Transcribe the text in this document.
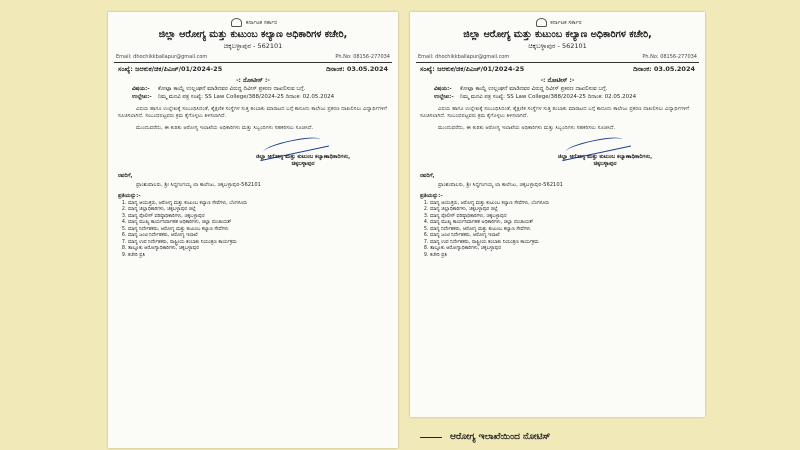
ಕರ್ನಾಟಕ ಸರ್ಕಾರ
ಜಿಲ್ಲಾ ಆರೋಗ್ಯ ಮತ್ತು ಕುಟುಂಬ ಕಲ್ಯಾಣ ಅಧಿಕಾರಿಗಳ ಕಚೇರಿ,
ಚಿಕ್ಕಬಳ್ಳಾಪುರ - 562101
Email: dhochikkballapur@gmail.com	Ph.No: 08156-277034
ಸಂಖ್ಯೆ: ಜಆಕುಕ/ಚಿಕ/ಪಿಎಚ್‌/01/2024-25	ದಿನಾಂಕ: 03.05.2024
-: ನೋಟೀಸ್ :-
ವಿಷಯ:-	ಕೋಟ್ಪಾ ಕಾಯ್ದೆ ಉಲ್ಲಂಘನೆ ಮಾಡಿದವರ ವಿರುದ್ಧ ದಿವೀಸ್ ಪ್ರಕರಣ ದಾಖಲಿಸುವ ಬಗ್ಗೆ.
ಉಲ್ಲೇಖ:-	ನಿಮ್ಮ ಮನವಿ ಪತ್ರ ಸಂಖ್ಯೆ: SS Law College/388/2024-25 ದಿನಾಂಕ: 02.05.2024
ವಿಷಯ ಹಾಗೂ ಉಲ್ಲೇಖಕ್ಕೆ ಸಂಬಂಧಿಸಿದಂತೆ, ಶೈಕ್ಷಣಿಕ ಸಂಸ್ಥೆಗಳ ಸುತ್ತ ತಂಬಾಕು ಮಾರಾಟದ ಬಗ್ಗೆ ಕಾನೂನು ಕಾಲೇಜು ಪ್ರಕರಣ ದಾಖಲಿಸಲು ವಿದ್ಯಾರ್ಥಿಗಳಿಗೆ ಸೂಚಿಸಲಾಗಿದೆ. ಸಂಬಂಧಪಟ್ಟವರು ಕ್ರಮ ಕೈಗೊಳ್ಳಲು ತಿಳಿಸಲಾಗಿದೆ.
ಮುಂದುವರೆದು, ಈ ಕುರಿತು ಆರೋಗ್ಯ ಇಲಾಖೆಯ ಅಧಿಕಾರಿಗಳು ಮತ್ತು ಸಿಬ್ಬಂದಿಗಳು ಸಹಕರಿಸಲು ಸೂಚಿಸಿದೆ.
ಜಿಲ್ಲಾ ಆರೋಗ್ಯ ಮತ್ತು ಕುಟುಂಬ ಕಲ್ಯಾಣಾಧಿಕಾರಿಗಳು, ಚಿಕ್ಕಬಳ್ಳಾಪುರ
ರವರಿಗೆ,
ಪ್ರಾಂಶುಪಾಲರು, ಶ್ರೀ ಸಿದ್ದಗಂಗಯ್ಯ ಲಾ ಕಾಲೇಜು, ಚಿಕ್ಕಬಳ್ಳಾಪುರ-562101
ಪ್ರತಿಯನ್ನು:-
1. ಮಾನ್ಯ ಆಯುಕ್ತರು, ಆರೋಗ್ಯ ಮತ್ತು ಕುಟುಂಬ ಕಲ್ಯಾಣ ಸೇವೆಗಳು, ಬೆಂಗಳೂರು
2. ಮಾನ್ಯ ಜಿಲ್ಲಾಧಿಕಾರಿಗಳು, ಚಿಕ್ಕಬಳ್ಳಾಪುರ ಜಿಲ್ಲೆ
3. ಮಾನ್ಯ ಪೊಲೀಸ್ ವರಿಷ್ಠಾಧಿಕಾರಿಗಳು, ಚಿಕ್ಕಬಳ್ಳಾಪುರ
4. ಮಾನ್ಯ ಮುಖ್ಯ ಕಾರ್ಯನಿರ್ವಾಹಕ ಅಧಿಕಾರಿಗಳು, ಜಿಲ್ಲಾ ಪಂಚಾಯತ್
5. ಮಾನ್ಯ ನಿರ್ದೇಶಕರು, ಆರೋಗ್ಯ ಮತ್ತು ಕುಟುಂಬ ಕಲ್ಯಾಣ ಸೇವೆಗಳು
6. ಮಾನ್ಯ ಜಂಟಿ ನಿರ್ದೇಶಕರು, ಆರೋಗ್ಯ ಇಲಾಖೆ
7. ಮಾನ್ಯ ಉಪ ನಿರ್ದೇಶಕರು, ರಾಷ್ಟ್ರೀಯ ತಂಬಾಕು ನಿಯಂತ್ರಣ ಕಾರ್ಯಕ್ರಮ
8. ತಾಲ್ಲೂಕು ಆರೋಗ್ಯಾಧಿಕಾರಿಗಳು, ಚಿಕ್ಕಬಳ್ಳಾಪುರ
9. ಕಚೇರಿ ಪ್ರತಿ
ಕರ್ನಾಟಕ ಸರ್ಕಾರ
ಜಿಲ್ಲಾ ಆರೋಗ್ಯ ಮತ್ತು ಕುಟುಂಬ ಕಲ್ಯಾಣ ಅಧಿಕಾರಿಗಳ ಕಚೇರಿ,
ಚಿಕ್ಕಬಳ್ಳಾಪುರ - 562101
Email: dhochikkballapur@gmail.com	Ph.No: 08156-277034
ಸಂಖ್ಯೆ: ಜಆಕುಕ/ಚಿಕ/ಪಿಎಚ್‌/01/2024-25	ದಿನಾಂಕ: 03.05.2024
-: ನೋಟೀಸ್ :-
ವಿಷಯ:-	ಕೋಟ್ಪಾ ಕಾಯ್ದೆ ಉಲ್ಲಂಘನೆ ಮಾಡಿದವರ ವಿರುದ್ಧ ದಿವೀಸ್ ಪ್ರಕರಣ ದಾಖಲಿಸುವ ಬಗ್ಗೆ.
ಉಲ್ಲೇಖ:-	ನಿಮ್ಮ ಮನವಿ ಪತ್ರ ಸಂಖ್ಯೆ: SS Law College/388/2024-25 ದಿನಾಂಕ: 02.05.2024
ವಿಷಯ ಹಾಗೂ ಉಲ್ಲೇಖಕ್ಕೆ ಸಂಬಂಧಿಸಿದಂತೆ, ಶೈಕ್ಷಣಿಕ ಸಂಸ್ಥೆಗಳ ಸುತ್ತ ತಂಬಾಕು ಮಾರಾಟದ ಬಗ್ಗೆ ಕಾನೂನು ಕಾಲೇಜು ಪ್ರಕರಣ ದಾಖಲಿಸಲು ವಿದ್ಯಾರ್ಥಿಗಳಿಗೆ ಸೂಚಿಸಲಾಗಿದೆ. ಸಂಬಂಧಪಟ್ಟವರು ಕ್ರಮ ಕೈಗೊಳ್ಳಲು ತಿಳಿಸಲಾಗಿದೆ.
ಮುಂದುವರೆದು, ಈ ಕುರಿತು ಆರೋಗ್ಯ ಇಲಾಖೆಯ ಅಧಿಕಾರಿಗಳು ಮತ್ತು ಸಿಬ್ಬಂದಿಗಳು ಸಹಕರಿಸಲು ಸೂಚಿಸಿದೆ.
ಜಿಲ್ಲಾ ಆರೋಗ್ಯ ಮತ್ತು ಕುಟುಂಬ ಕಲ್ಯಾಣಾಧಿಕಾರಿಗಳು, ಚಿಕ್ಕಬಳ್ಳಾಪುರ
ರವರಿಗೆ,
ಪ್ರಾಂಶುಪಾಲರು, ಶ್ರೀ ಸಿದ್ದಗಂಗಯ್ಯ ಲಾ ಕಾಲೇಜು, ಚಿಕ್ಕಬಳ್ಳಾಪುರ-562101
ಪ್ರತಿಯನ್ನು:-
1. ಮಾನ್ಯ ಆಯುಕ್ತರು, ಆರೋಗ್ಯ ಮತ್ತು ಕುಟುಂಬ ಕಲ್ಯಾಣ ಸೇವೆಗಳು, ಬೆಂಗಳೂರು
2. ಮಾನ್ಯ ಜಿಲ್ಲಾಧಿಕಾರಿಗಳು, ಚಿಕ್ಕಬಳ್ಳಾಪುರ ಜಿಲ್ಲೆ
3. ಮಾನ್ಯ ಪೊಲೀಸ್ ವರಿಷ್ಠಾಧಿಕಾರಿಗಳು, ಚಿಕ್ಕಬಳ್ಳಾಪುರ
4. ಮಾನ್ಯ ಮುಖ್ಯ ಕಾರ್ಯನಿರ್ವಾಹಕ ಅಧಿಕಾರಿಗಳು, ಜಿಲ್ಲಾ ಪಂಚಾಯತ್
5. ಮಾನ್ಯ ನಿರ್ದೇಶಕರು, ಆರೋಗ್ಯ ಮತ್ತು ಕುಟುಂಬ ಕಲ್ಯಾಣ ಸೇವೆಗಳು
6. ಮಾನ್ಯ ಜಂಟಿ ನಿರ್ದೇಶಕರು, ಆರೋಗ್ಯ ಇಲಾಖೆ
7. ಮಾನ್ಯ ಉಪ ನಿರ್ದೇಶಕರು, ರಾಷ್ಟ್ರೀಯ ತಂಬಾಕು ನಿಯಂತ್ರಣ ಕಾರ್ಯಕ್ರಮ
8. ತಾಲ್ಲೂಕು ಆರೋಗ್ಯಾಧಿಕಾರಿಗಳು, ಚಿಕ್ಕಬಳ್ಳಾಪುರ
9. ಕಚೇರಿ ಪ್ರತಿ
ಆರೋಗ್ಯ ಇಲಾಖೆಯಿಂದ ನೋಟಿಸ್
